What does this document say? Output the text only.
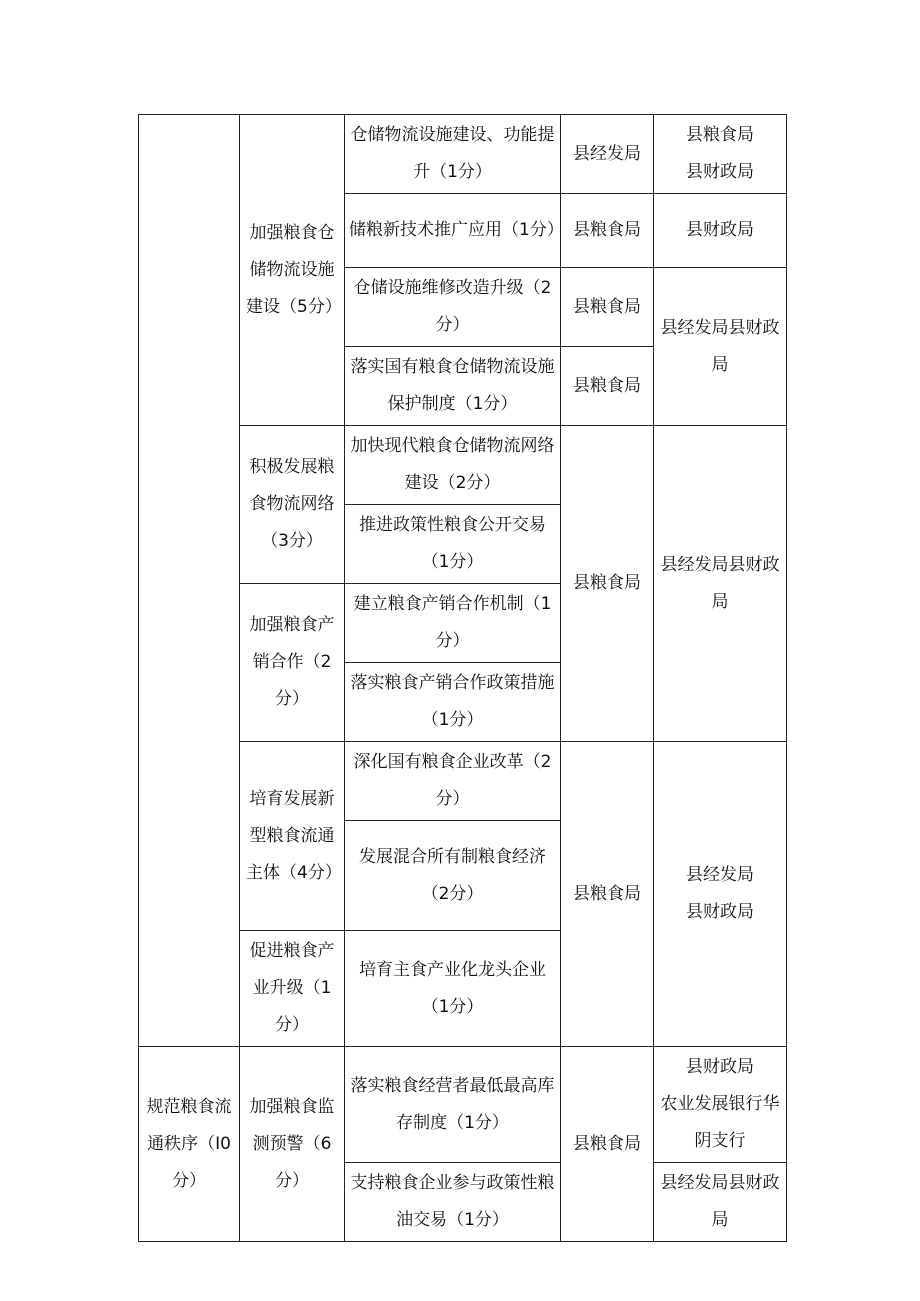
	加强粮食仓储物流设施建设（5分）	仓储物流设施建设、功能提升（1分）	县经发局	县粮食局
县财政局
		储粮新技术推广应用（1分）	县粮食局	县财政局
		仓储设施维修改造升级（2分）	县粮食局	县经发局县财政局
		落实国有粮食仓储物流设施保护制度（1分）	县粮食局	
	积极发展粮食物流网络（3分）	加快现代粮食仓储物流网络建设（2分）	县粮食局	县经发局县财政局
		推进政策性粮食公开交易（1分）		
	加强粮食产销合作（2分）	建立粮食产销合作机制（1分）		
		落实粮食产销合作政策措施（1分）		
	培育发展新型粮食流通主体（4分）	深化国有粮食企业改革（2分）	县粮食局	县经发局
县财政局
		发展混合所有制粮食经济（2分）		
	促进粮食产业升级（1分）	培育主食产业化龙头企业（1分）		
规范粮食流通秩序（I0分）	加强粮食监测预警（6分）	落实粮食经营者最低最高库存制度（1分）	县粮食局	县财政局
农业发展银行华阴支行
		支持粮食企业参与政策性粮油交易（1分）		县经发局县财政局
